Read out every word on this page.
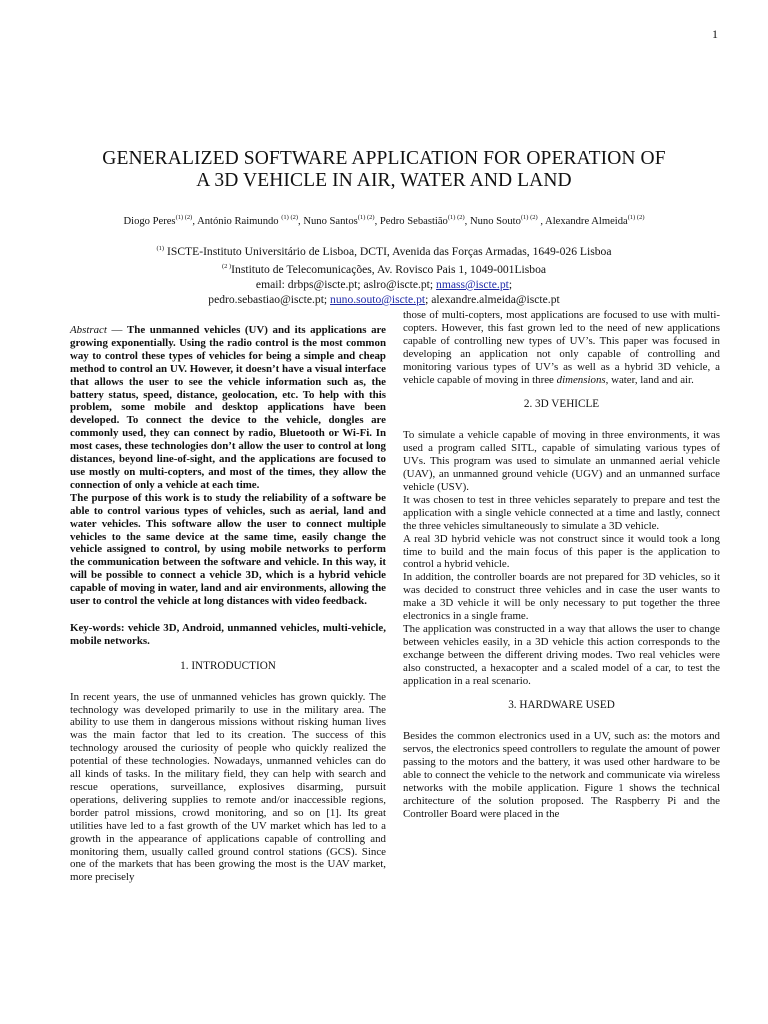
1
GENERALIZED SOFTWARE APPLICATION FOR OPERATION OF
A 3D VEHICLE IN AIR, WATER AND LAND
Diogo Peres$^{(1) (2)}$, António Raimundo $^{(1) (2)}$, Nuno Santos$^{(1) (2)}$, Pedro Sebastião$^{(1) (2)}$, Nuno Souto$^{(1) (2)}$ , Alexandre Almeida$^{(1) (2)}$
$^{(1)}$ ISCTE-Instituto Universitário de Lisboa, DCTI, Avenida das Forças Armadas, 1649-026 Lisboa
$^{(2 )}$Instituto de Telecomunicações, Av. Rovisco Pais 1, 1049-001Lisboa
email: drbps@iscte.pt; aslro@iscte.pt; nmass@iscte.pt;
pedro.sebastiao@iscte.pt; nuno.souto@iscte.pt; alexandre.almeida@iscte.pt

Abstract — The unmanned vehicles (UV) and its applications are growing exponentially. Using the radio control is the most common way to control these types of vehicles for being a simple and cheap method to control an UV. However, it doesn’t have a visual interface that allows the user to see the vehicle information such as, the battery status, speed, distance, geolocation, etc. To help with this problem, some mobile and desktop applications have been developed. To connect the device to the vehicle, dongles are commonly used, they can connect by radio, Bluetooth or Wi-Fi. In most cases, these technologies don’t allow the user to control at long distances, beyond line-of-sight, and the applications are focused to use mostly on multi-copters, and most of the times, they allow the connection of only a vehicle at each time.

The purpose of this work is to study the reliability of a software be able to control various types of vehicles, such as aerial, land and water vehicles. This software allow the user to connect multiple vehicles to the same device at the same time, easily change the vehicle assigned to control, by using mobile networks to perform the communication between the software and vehicle. In this way, it will be possible to connect a vehicle 3D, which is a hybrid vehicle capable of moving in water, land and air environments, allowing the user to control the vehicle at long distances with video feedback.

Key-words: vehicle 3D, Android, unmanned vehicles, multi-vehicle, mobile networks.

1. INTRODUCTION

In recent years, the use of unmanned vehicles has grown quickly. The technology was developed primarily to use in the military area. The ability to use them in dangerous missions without risking human lives was the main factor that led to its creation. The success of this technology aroused the curiosity of people who quickly realized the potential of these technologies. Nowadays, unmanned vehicles can do all kinds of tasks. In the military field, they can help with search and rescue operations, surveillance, explosives disarming, pursuit operations, delivering supplies to remote and/or inaccessible regions, border patrol missions, crowd monitoring, and so on [1]. Its great utilities have led to a fast growth of the UV market which has led to a growth in the appearance of applications capable of controlling and monitoring them, usually called ground control stations (GCS). Since one of the markets that has been growing the most is the UAV market, more precisely

those of multi-copters, most applications are focused to use with multi-copters. However, this fast grown led to the need of new applications capable of controlling new types of UV’s. This paper was focused in developing an application not only capable of controlling and monitoring various types of UV’s as well as a hybrid 3D vehicle, a vehicle capable of moving in three dimensions, water, land and air.

2. 3D VEHICLE

To simulate a vehicle capable of moving in three environments, it was used a program called SITL, capable of simulating various types of UVs. This program was used to simulate an unmanned aerial vehicle (UAV), an unmanned ground vehicle (UGV) and an unmanned surface vehicle (USV).

It was chosen to test in three vehicles separately to prepare and test the application with a single vehicle connected at a time and lastly, connect the three vehicles simultaneously to simulate a 3D vehicle.

A real 3D hybrid vehicle was not construct since it would took a long time to build and the main focus of this paper is the application to control a hybrid vehicle.

In addition, the controller boards are not prepared for 3D vehicles, so it was decided to construct three vehicles and in case the user wants to make a 3D vehicle it will be only necessary to put together the three electronics in a single frame.

The application was constructed in a way that allows the user to change between vehicles easily, in a 3D vehicle this action corresponds to the exchange between the different driving modes. Two real vehicles were also constructed, a hexacopter and a scaled model of a car, to test the application in a real scenario.

3. HARDWARE USED

Besides the common electronics used in a UV, such as: the motors and servos, the electronics speed controllers to regulate the amount of power passing to the motors and the battery, it was used other hardware to be able to connect the vehicle to the network and communicate via wireless networks with the mobile application. Figure 1 shows the technical architecture of the solution proposed. The Raspberry Pi and the Controller Board were placed in the
